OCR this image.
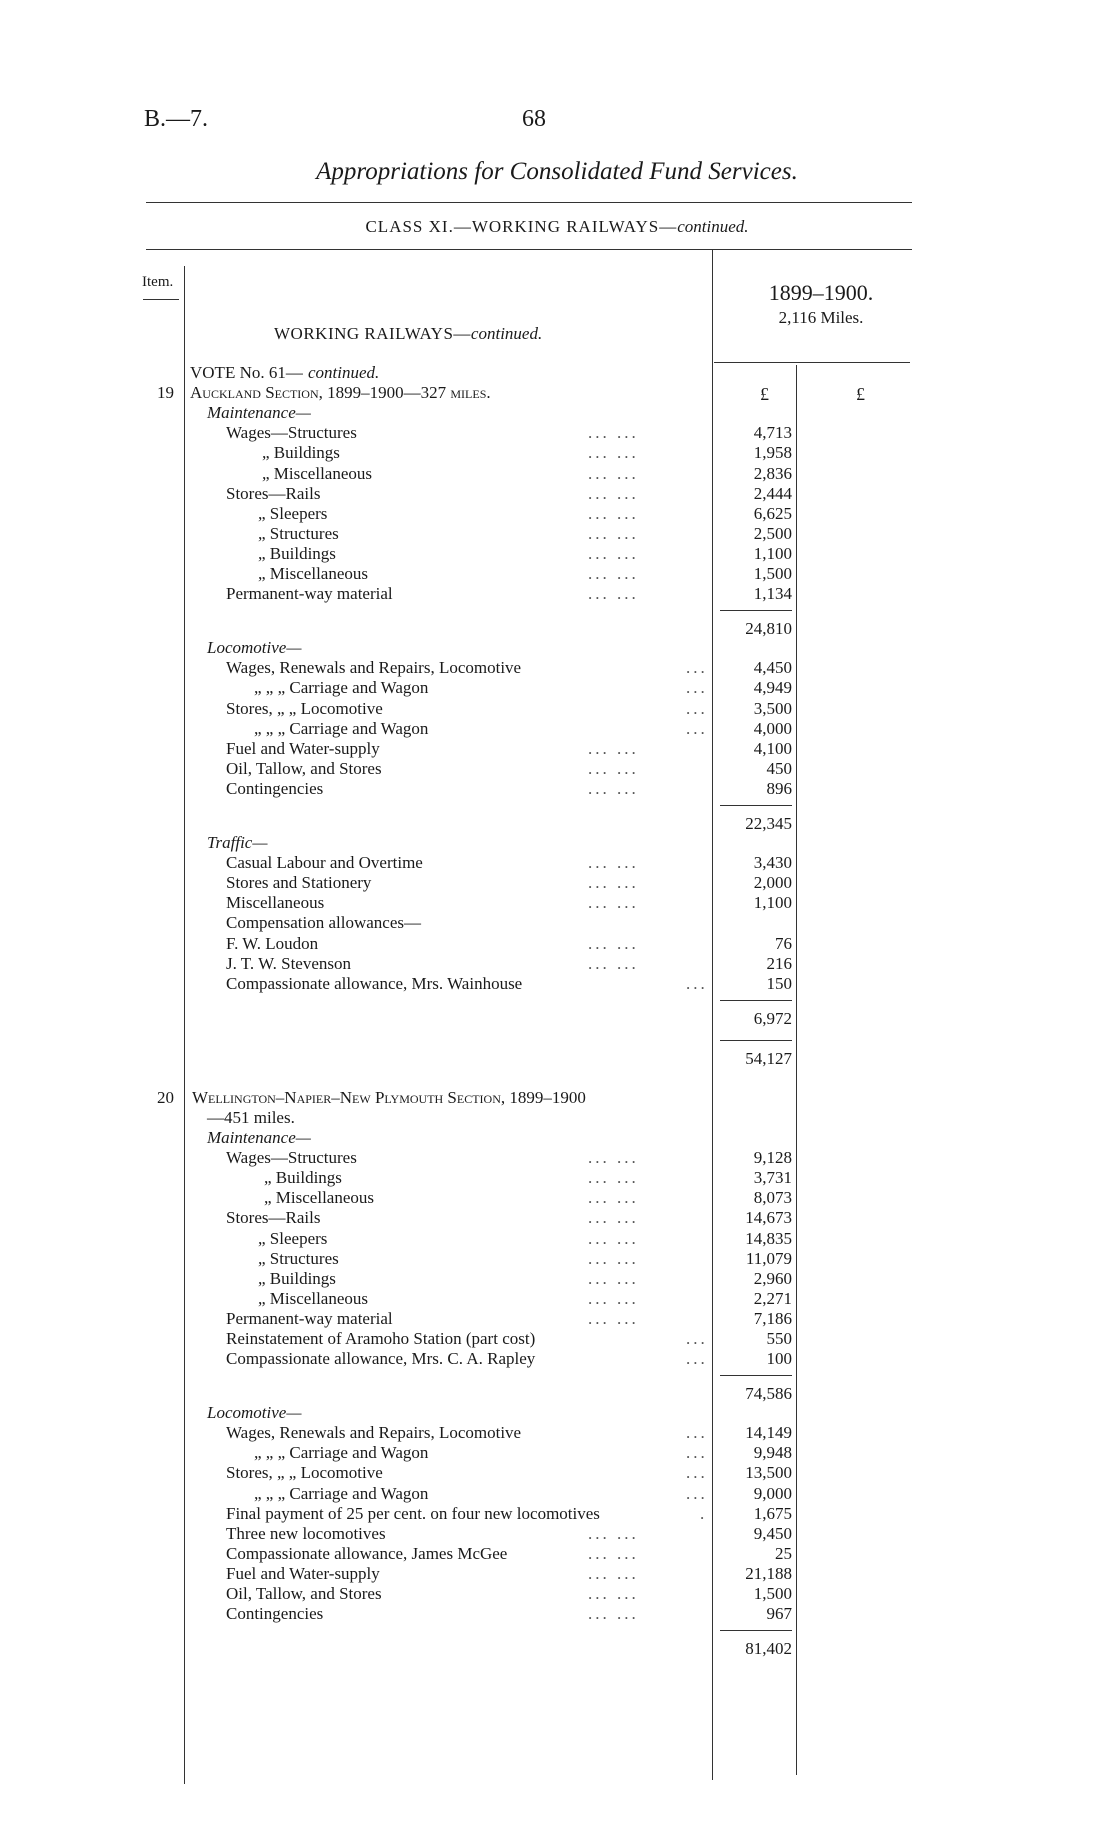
B.—7.	68
Appropriations for Consolidated Fund Services.
CLASS XI.—WORKING RAILWAYS—continued.
Item.
WORKING RAILWAYS—continued.
1899–1900.
2,116 Miles.
£	£
VOTE No. 61— continued.
19 Auckland Section, 1899–1900—327 miles.
Maintenance—
Wages—Structures	... ...	4,713
„ Buildings	... ...	1,958
„ Miscellaneous	... ...	2,836
Stores—Rails	... ...	2,444
„ Sleepers	... ...	6,625
„ Structures	... ...	2,500
„ Buildings	... ...	1,100
„ Miscellaneous	... ...	1,500
Permanent-way material	... ...	1,134
24,810
Locomotive—
Wages, Renewals and Repairs, Locomotive	...	4,450
„ „ „ Carriage and Wagon	...	4,949
Stores, „ „ Locomotive	...	3,500
„ „ „ Carriage and Wagon	...	4,000
Fuel and Water-supply	... ...	4,100
Oil, Tallow, and Stores	... ...	450
Contingencies	... ...	896
22,345
Traffic—
Casual Labour and Overtime	... ...	3,430
Stores and Stationery	... ...	2,000
Miscellaneous	... ...	1,100
Compensation allowances—
F. W. Loudon	... ...	76
J. T. W. Stevenson	... ...	216
Compassionate allowance, Mrs. Wainhouse	...	150
6,972
54,127
20 Wellington–Napier–New Plymouth Section, 1899–1900
—451 miles.
Maintenance—
Wages—Structures	... ...	9,128
„ Buildings	... ...	3,731
„ Miscellaneous	... ...	8,073
Stores—Rails	... ...	14,673
„ Sleepers	... ...	14,835
„ Structures	... ...	11,079
„ Buildings	... ...	2,960
„ Miscellaneous	... ...	2,271
Permanent-way material	... ...	7,186
Reinstatement of Aramoho Station (part cost)	...	550
Compassionate allowance, Mrs. C. A. Rapley	...	100
74,586
Locomotive—
Wages, Renewals and Repairs, Locomotive	...	14,149
„ „ „ Carriage and Wagon	...	9,948
Stores, „ „ Locomotive	...	13,500
„ „ „ Carriage and Wagon	...	9,000
Final payment of 25 per cent. on four new locomotives	.	1,675
Three new locomotives	... ...	9,450
Compassionate allowance, James McGee	... ...	25
Fuel and Water-supply	... ...	21,188
Oil, Tallow, and Stores	... ...	1,500
Contingencies	... ...	967
81,402
